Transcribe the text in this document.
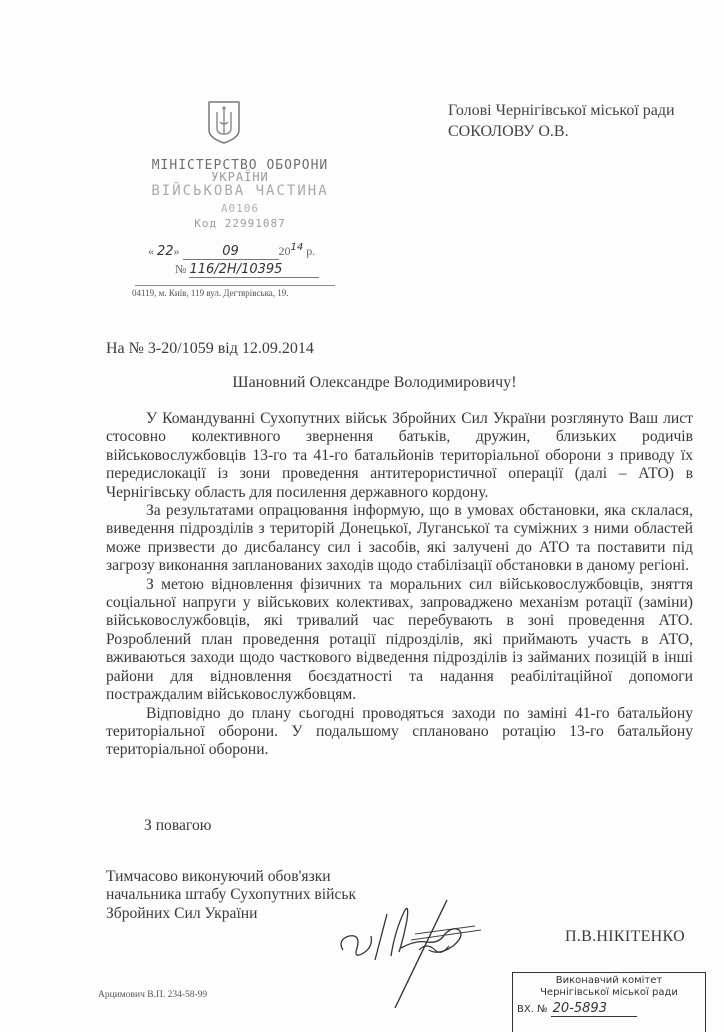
МІНІСТЕРСТВО ОБОРОНИ
УКРАЇНИ
ВІЙСЬКОВА ЧАСТИНА
А0106
Код 22991087
« 22»	09	$20^{14}$ р.
№ 116/2Н/10395
04119, м. Київ, 119 вул. Дегтярівська, 19.
Голові Чернігівської міської ради
СОКОЛОВУ О.В.
На № 3-20/1059 від 12.09.2014
Шановний Олександре Володимировичу!

У Командуванні Сухопутних військ Збройних Сил України розглянуто Ваш лист стосовно колективного звернення батьків, дружин, близьких родичів військовослужбовців 13-го та 41-го батальйонів територіальної оборони з приводу їх передислокації із зони проведення антитерористичної операції (далі – АТО) в Чернігівську область для посилення державного кордону.

За результатами опрацювання інформую, що в умовах обстановки, яка склалася, виведення підрозділів з територій Донецької, Луганської та суміжних з ними областей може призвести до дисбалансу сил і засобів, які залучені до АТО та поставити під загрозу виконання запланованих заходів щодо стабілізації обстановки в даному регіоні.

З метою відновлення фізичних та моральних сил військовослужбовців, зняття соціальної напруги у військових колективах, запроваджено механізм ротації (заміни) військовослужбовців, які тривалий час перебувають в зоні проведення АТО. Розроблений план проведення ротації підрозділів, які приймають участь в АТО, вживаються заходи щодо часткового відведення підрозділів із займаних позицій в інші райони для відновлення боєздатності та надання реабілітаційної допомоги постраждалим військовослужбовцям.

Відповідно до плану сьогодні проводяться заходи по заміні 41-го батальйону територіальної оборони. У подальшому сплановано ротацію 13-го батальйону територіальної оборони.

З повагою
Тимчасово виконуючий обов'язки
начальника штабу Сухопутних військ
Збройних Сил України
П.В.НІКІТЕНКО
Арцимович В.П. 234-58-99
Виконавчий комітет
Чернігівської міської ради
ВХ. № 20-5893
